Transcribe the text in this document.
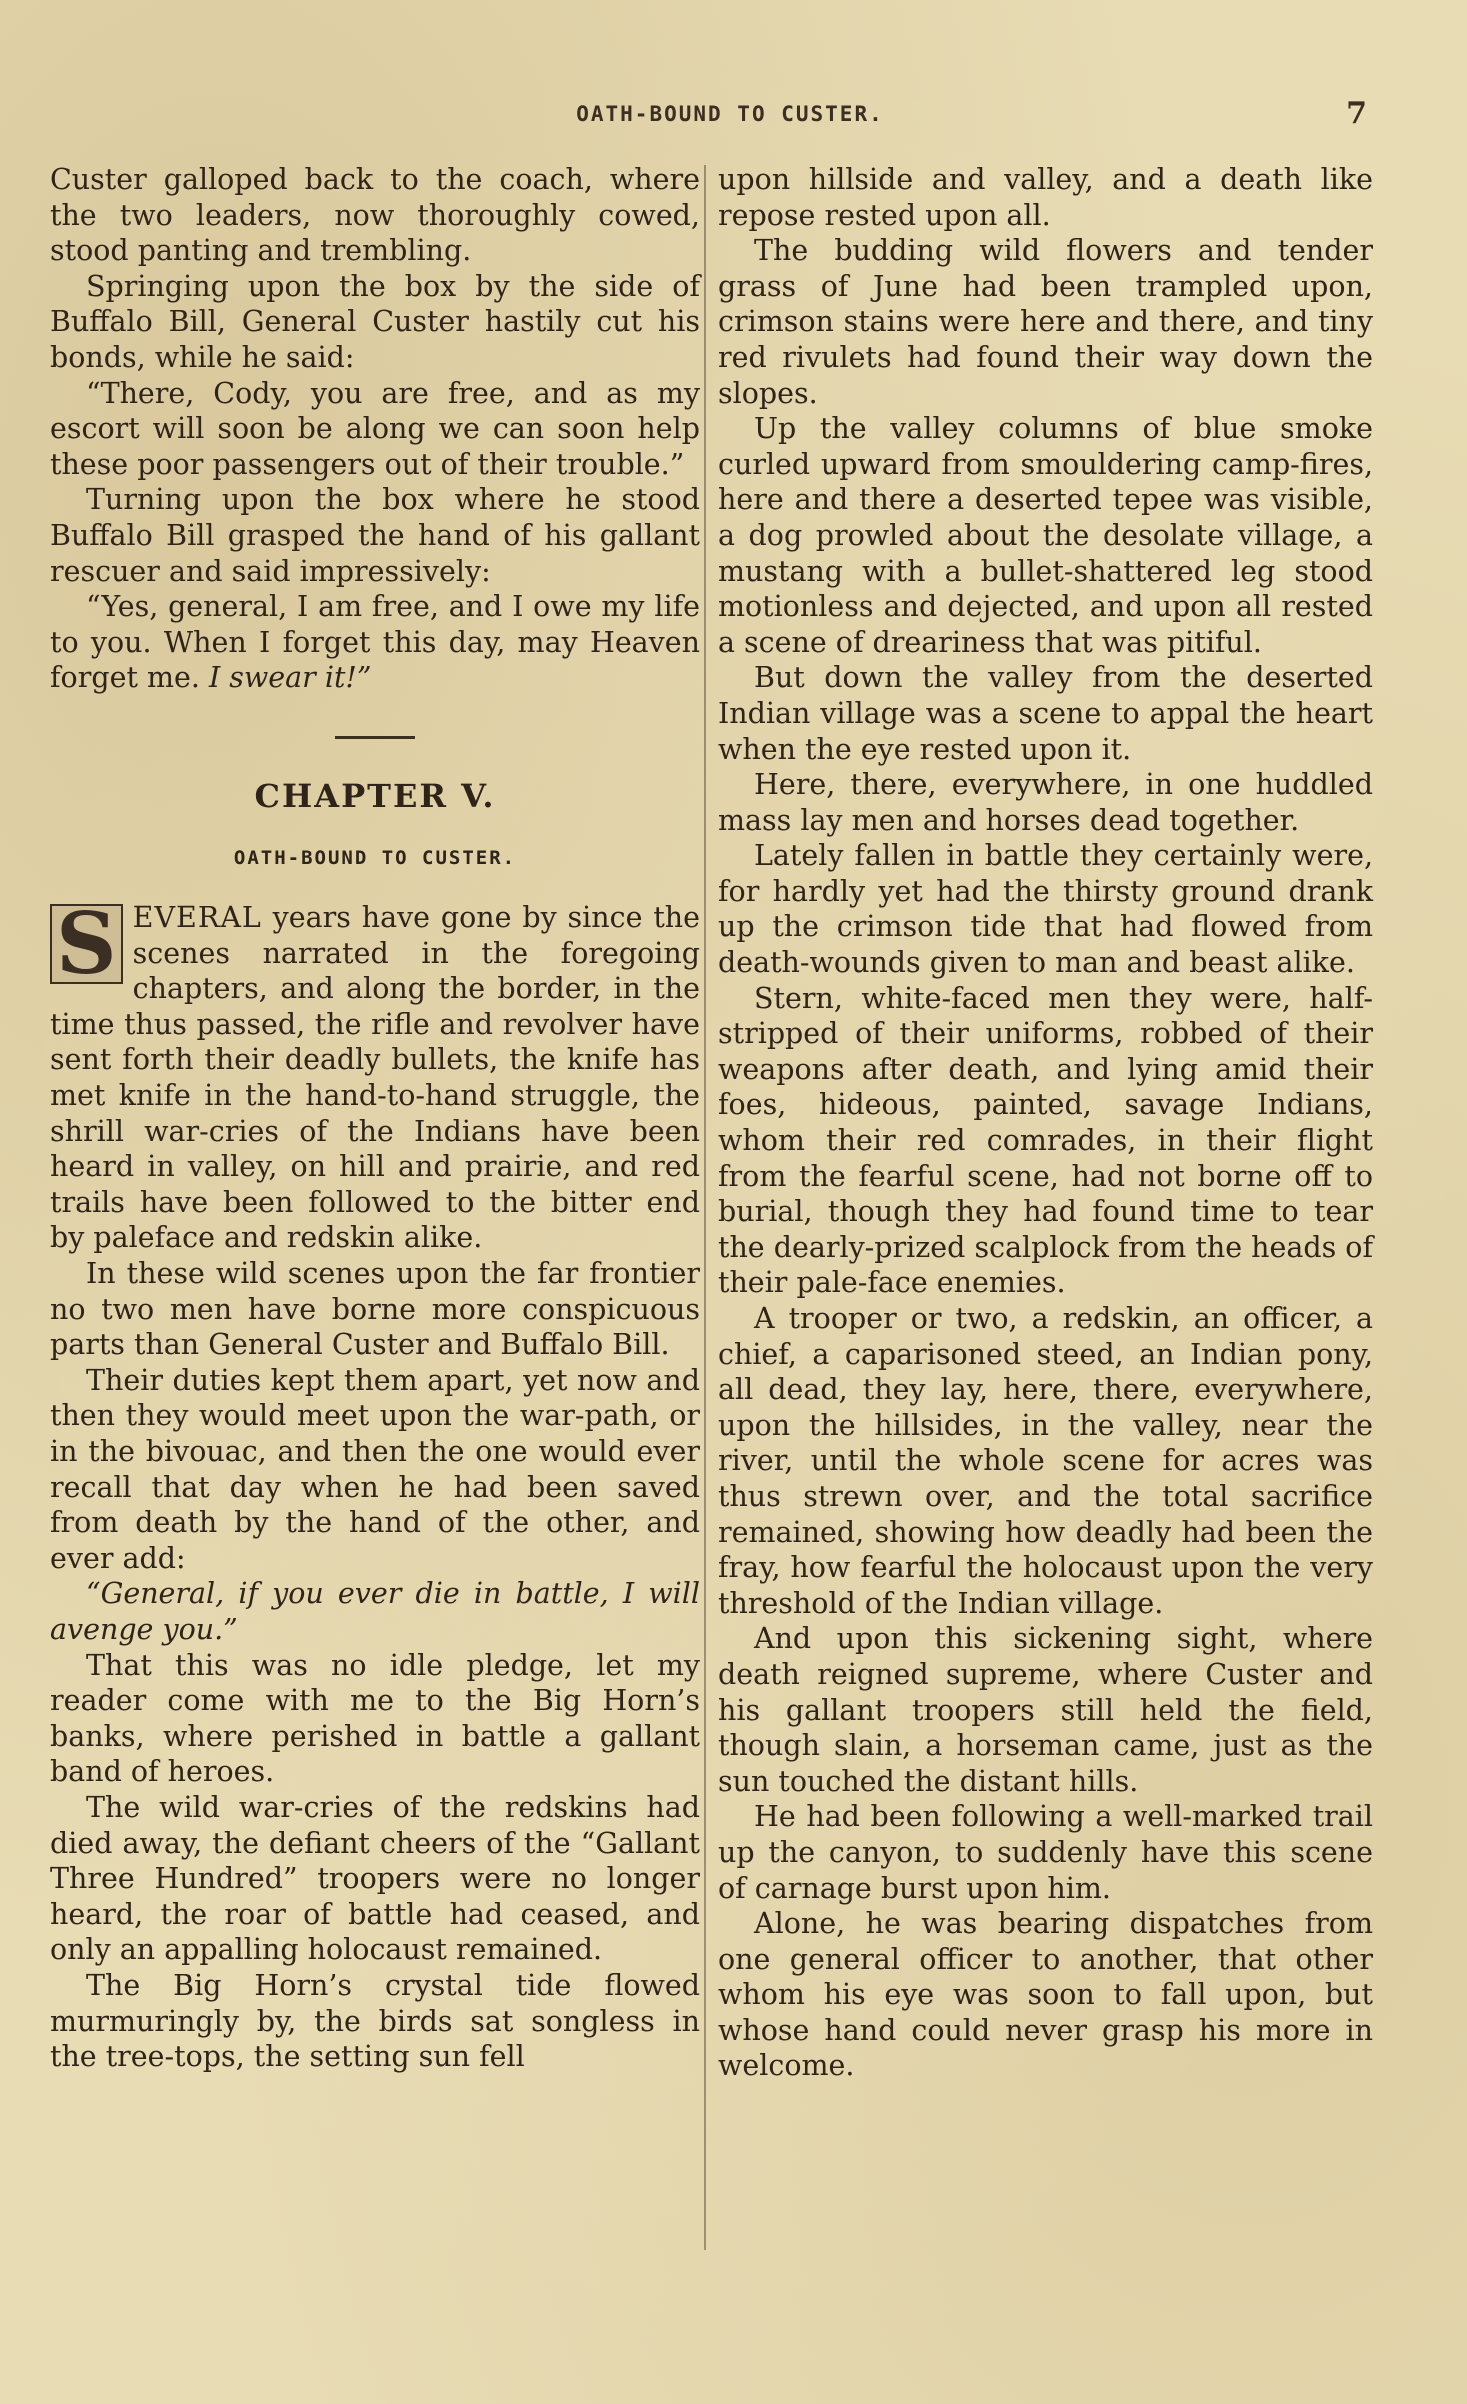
OATH-BOUND TO CUSTER.	7

Custer galloped back to the coach, where the two leaders, now thoroughly cowed, stood panting and trembling.

Springing upon the box by the side of Buffalo Bill, General Custer hastily cut his bonds, while he said:

“There, Cody, you are free, and as my escort will soon be along we can soon help these poor passengers out of their trouble.”

Turning upon the box where he stood Buffalo Bill grasped the hand of his gallant rescuer and said impressively:

“Yes, general, I am free, and I owe my life to you. When I forget this day, may Heaven forget me. I swear it!”

CHAPTER V.
OATH-BOUND TO CUSTER.

S EVERAL years have gone by since the scenes narrated in the foregoing chapters, and along the border, in the time thus passed, the rifle and revolver have sent forth their deadly bullets, the knife has met knife in the hand-to-hand struggle, the shrill war-cries of the Indians have been heard in valley, on hill and prairie, and red trails have been followed to the bitter end by paleface and redskin alike.

In these wild scenes upon the far frontier no two men have borne more conspicuous parts than General Custer and Buffalo Bill.

Their duties kept them apart, yet now and then they would meet upon the war-path, or in the bivouac, and then the one would ever recall that day when he had been saved from death by the hand of the other, and ever add:

“General, if you ever die in battle, I will avenge you.”

That this was no idle pledge, let my reader come with me to the Big Horn’s banks, where perished in battle a gallant band of heroes.

The wild war-cries of the redskins had died away, the defiant cheers of the “Gallant Three Hundred” troopers were no longer heard, the roar of battle had ceased, and only an appalling holocaust remained.

The Big Horn’s crystal tide flowed murmuringly by, the birds sat songless in the tree-tops, the setting sun fell

upon hillside and valley, and a death like repose rested upon all.

The budding wild flowers and tender grass of June had been trampled upon, crimson stains were here and there, and tiny red rivulets had found their way down the slopes.

Up the valley columns of blue smoke curled upward from smouldering camp-fires, here and there a deserted tepee was visible, a dog prowled about the desolate village, a mustang with a bullet-shattered leg stood motionless and dejected, and upon all rested a scene of dreariness that was pitiful.

But down the valley from the deserted Indian village was a scene to appal the heart when the eye rested upon it.

Here, there, everywhere, in one huddled mass lay men and horses dead together.

Lately fallen in battle they certainly were, for hardly yet had the thirsty ground drank up the crimson tide that had flowed from death-wounds given to man and beast alike.

Stern, white-faced men they were, half-stripped of their uniforms, robbed of their weapons after death, and lying amid their foes, hideous, painted, savage Indians, whom their red comrades, in their flight from the fearful scene, had not borne off to burial, though they had found time to tear the dearly-prized scalplock from the heads of their pale-face enemies.

A trooper or two, a redskin, an officer, a chief, a caparisoned steed, an Indian pony, all dead, they lay, here, there, everywhere, upon the hillsides, in the valley, near the river, until the whole scene for acres was thus strewn over, and the total sacrifice remained, showing how deadly had been the fray, how fearful the holocaust upon the very threshold of the Indian village.

And upon this sickening sight, where death reigned supreme, where Custer and his gallant troopers still held the field, though slain, a horseman came, just as the sun touched the distant hills.

He had been following a well-marked trail up the canyon, to suddenly have this scene of carnage burst upon him.

Alone, he was bearing dispatches from one general officer to another, that other whom his eye was soon to fall upon, but whose hand could never grasp his more in welcome.
